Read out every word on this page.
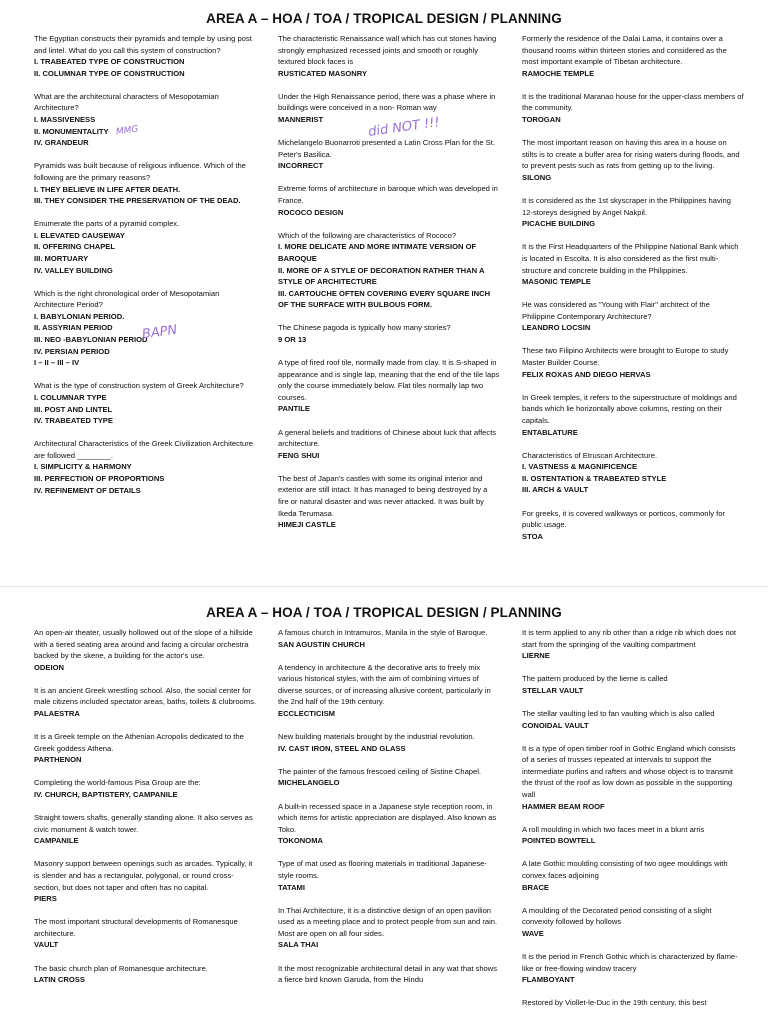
AREA A – HOA / TOA / TROPICAL DESIGN / PLANNING

The Egyptian constructs their pyramids and temple by using post and lintel. What do you call this system of construction?

I. TRABEATED TYPE OF CONSTRUCTION

II. COLUMNAR TYPE OF CONSTRUCTION

What are the architectural characters of Mesopotamian Architecture?

I. MASSIVENESS

II. MONUMENTALITY

IV. GRANDEUR

Pyramids was built because of religious influence. Which of the following are the primary reasons?

I. THEY BELIEVE IN LIFE AFTER DEATH.

III. THEY CONSIDER THE PRESERVATION OF THE DEAD.

Enumerate the parts of a pyramid complex.

I. ELEVATED CAUSEWAY

II. OFFERING CHAPEL

III. MORTUARY

IV. VALLEY BUILDING

Which is the right chronological order of Mesopotamian Architecture Period?

I. BABYLONIAN PERIOD.

II. ASSYRIAN PERIOD

III. NEO -BABYLONIAN PERIOD

IV. PERSIAN PERIOD

I – II – III – IV

What is the type of construction system of Greek Architecture?

I. COLUMNAR TYPE

III. POST AND LINTEL

IV. TRABEATED TYPE

Architectural Characteristics of the Greek Civilization Architecture are followed ________.

I. SIMPLICITY & HARMONY

III. PERFECTION OF PROPORTIONS

IV. REFINEMENT OF DETAILS

The characteristic Renaissance wall which has cut stones having strongly emphasized recessed joints and smooth or roughly textured block faces is

RUSTICATED MASONRY

Under the High Renaissance period, there was a phase where in buildings were conceived in a non- Roman way

MANNERIST

Michelangelo Buonarroti presented a Latin Cross Plan for the St. Peter's Basilica.

INCORRECT

Extreme forms of architecture in baroque which was developed in France.

ROCOCO DESIGN

Which of the following are characteristics of Rococo?

I. MORE DELICATE AND MORE INTIMATE VERSION OF BAROQUE

II. MORE OF A STYLE OF DECORATION RATHER THAN A STYLE OF ARCHITECTURE

III. CARTOUCHE OFTEN COVERING EVERY SQUARE INCH OF THE SURFACE WITH BULBOUS FORM.

The Chinese pagoda is typically how many stories?

9 OR 13

A type of fired roof tile, normally made from clay. It is S-shaped in appearance and is single lap, meaning that the end of the tile laps only the course immediately below. Flat tiles normally lap two courses.

PANTILE

A general beliefs and traditions of Chinese about luck that affects architecture.

FENG SHUI

The best of Japan's castles with some its original interior and exterior are still intact. It has managed to being destroyed by a fire or natural disaster and was never attacked. It was built by Ikeda Terumasa.

HIMEJI CASTLE

Formerly the residence of the Dalai Lama, it contains over a thousand rooms within thirteen stories and considered as the most important example of Tibetan architecture.

RAMOCHE TEMPLE

It is the traditional Maranao house for the upper-class members of the community.

TOROGAN

The most important reason on having this area in a house on stilts is to create a buffer area for rising waters during floods, and to prevent pests such as rats from getting up to the living.

SILONG

It is considered as the 1st skyscraper in the Philippines having 12-storeys designed by Angel Nakpil.

PICACHE BUILDING

It is the First Headquarters of the Philippine National Bank which is located in Escolta. It is also considered as the first multi-structure and concrete building in the Philippines.

MASONIC TEMPLE

He was considered as "Young with Flair" architect of the Philippine Contemporary Architecture?

LEANDRO LOCSIN

These two Filipino Architects were brought to Europe to study Master Builder Course.

FELIX ROXAS AND DIEGO HERVAS

In Greek temples, it refers to the superstructure of moldings and bands which lie horizontally above columns, resting on their capitals.

ENTABLATURE

Characteristics of Etruscan Architecture.

I. VASTNESS & MAGNIFICENCE

II. OSTENTATION & TRABEATED STYLE

III. ARCH & VAULT

For greeks, it is covered walkways or porticos, commonly for public usage.

STOA

AREA A – HOA / TOA / TROPICAL DESIGN / PLANNING

An open-air theater, usually hollowed out of the slope of a hillside with a tiered seating area around and facing a circular orchestra backed by the skene, a building for the actor's use.

ODEION

It is an ancient Greek wrestling school. Also, the social center for male citizens included spectator areas, baths, toilets & clubrooms.

PALAESTRA

It is a Greek temple on the Athenian Acropolis dedicated to the Greek goddess Athena.

PARTHENON

Completing the world-famous Pisa Group are the:

IV. CHURCH, BAPTISTERY, CAMPANILE

Straight towers shafts, generally standing alone. It also serves as civic monument & watch tower.

CAMPANILE

Masonry support between openings such as arcades. Typically, it is slender and has a rectangular, polygonal, or round cross-section, but does not taper and often has no capital.

PIERS

The most important structural developments of Romanesque architecture.

VAULT

The basic church plan of Romanesque architecture.

LATIN CROSS

A famous church in Intramuros, Manila in the style of Baroque.

SAN AGUSTIN CHURCH

A tendency in architecture & the decorative arts to freely mix various historical styles, with the aim of combining virtues of diverse sources, or of increasing allusive content, particularly in the 2nd half of the 19th century.

ECCLECTICISM

New building materials brought by the industrial revolution.

IV. CAST IRON, STEEL AND GLASS

The painter of the famous frescoed ceiling of Sistine Chapel.

MICHELANGELO

A built-in recessed space in a Japanese style reception room, in which items for artistic appreciation are displayed. Also known as Toko.

TOKONOMA

Type of mat used as flooring materials in traditional Japanese-style rooms.

TATAMI

In Thai Architecture, it is a distinctive design of an open pavilion used as a meeting place and to protect people from sun and rain. Most are open on all four sides.

SALA THAI

It the most recognizable architectural detail in any wat that shows a fierce bird known Garuda, from the Hindu

It is term applied to any rib other than a ridge rib which does not start from the springing of the vaulting compartment

LIERNE

The pattern produced by the lierne is called

STELLAR VAULT

The stellar vaulting led to fan vaulting which is also called

CONOIDAL VAULT

It is a type of open timber roof in Gothic England which consists of a series of trusses repeated at intervals to support the intermediate purlins and rafters and whose object is to transmit the thrust of the roof as low down as possible in the supporting wall

HAMMER BEAM ROOF

A roll moulding in which two faces meet in a blunt arris

POINTED BOWTELL

A late Gothic moulding consisting of two ogee mouldings with convex faces adjoining

BRACE

A moulding of the Decorated period consisting of a slight convexity followed by hollows

WAVE

It is the period in French Gothic which is characterized by flame-like or free-flowing window tracery

FLAMBOYANT

Restored by Viollet-le-Duc in the 19th century, this best

MMG	did NOT !!!
BAPN
